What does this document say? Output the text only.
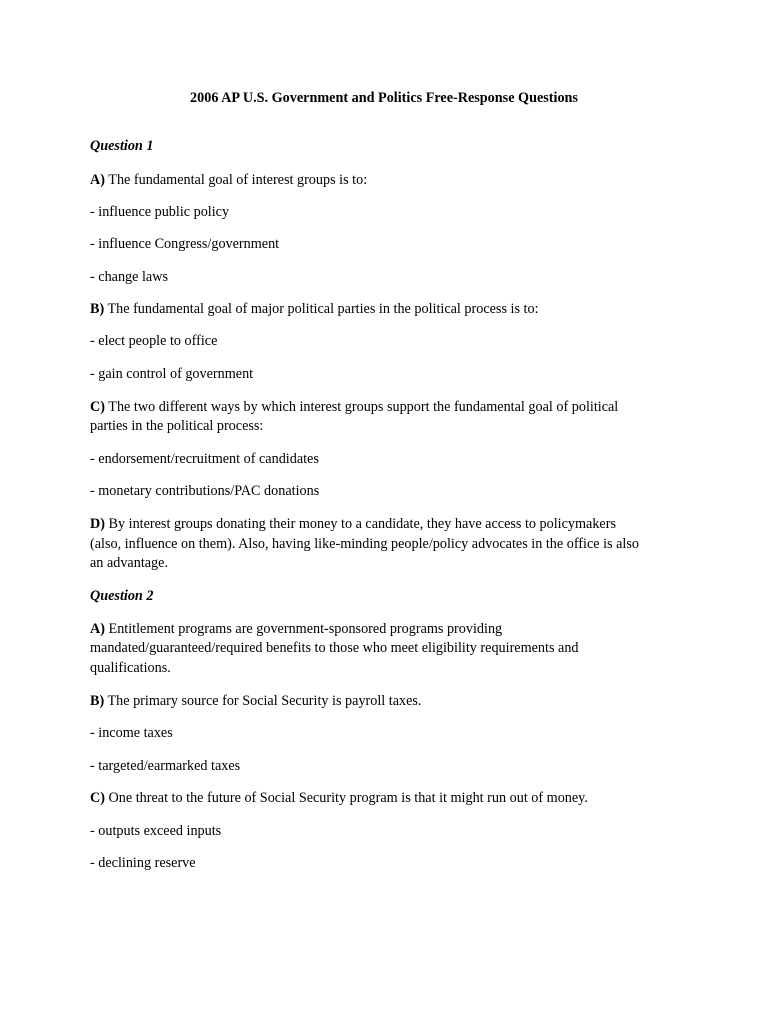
2006 AP U.S. Government and Politics Free-Response Questions

Question 1

A) The fundamental goal of interest groups is to:

- influence public policy

- influence Congress/government

- change laws

B) The fundamental goal of major political parties in the political process is to:

- elect people to office

- gain control of government

C) The two different ways by which interest groups support the fundamental goal of political

parties in the political process:

- endorsement/recruitment of candidates

- monetary contributions/PAC donations

D) By interest groups donating their money to a candidate, they have access to policymakers

(also, influence on them). Also, having like-minding people/policy advocates in the office is also

an advantage.

Question 2

A) Entitlement programs are government-sponsored programs providing

mandated/guaranteed/required benefits to those who meet eligibility requirements and

qualifications.

B) The primary source for Social Security is payroll taxes.

- income taxes

- targeted/earmarked taxes

C) One threat to the future of Social Security program is that it might run out of money.

- outputs exceed inputs

- declining reserve
